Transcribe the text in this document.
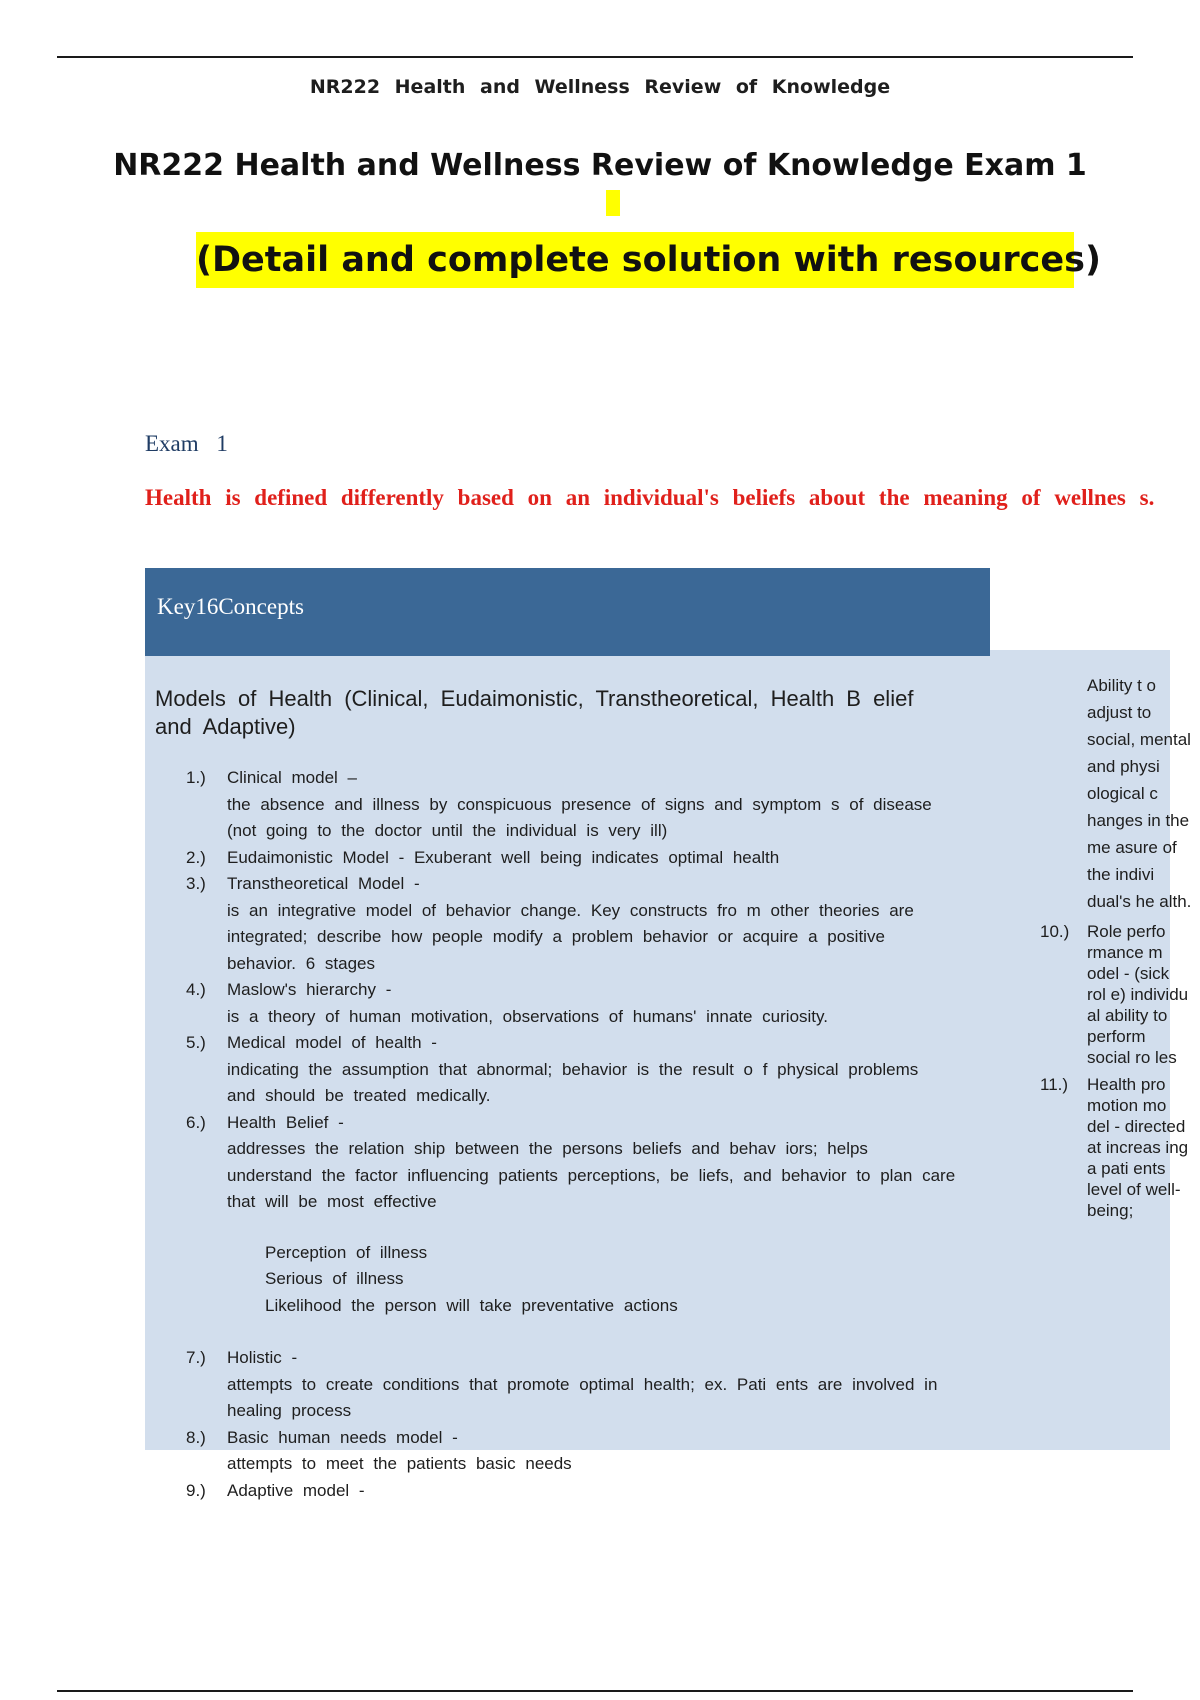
NR222 Health and Wellness Review of Knowledge
NR222 Health and Wellness Review of Knowledge Exam 1
(Detail and complete solution with resources)
Exam 1
Health is defined differently based on an individual's beliefs about the meaning of wellnes s.
Key16Concepts
Models of Health (Clinical, Eudaimonistic, Transtheoretical, Health B elief and Adaptive)
1.) Clinical model –
the absence and illness by conspicuous presence of signs and symptom s of disease (not going to the doctor until the individual is very ill)
2.) Eudaimonistic Model - Exuberant well being indicates optimal health
3.) Transtheoretical Model -
is an integrative model of behavior change. Key constructs fro m other theories are integrated; describe how people modify a problem behavior or acquire a positive behavior. 6 stages
4.) Maslow's hierarchy -
is a theory of human motivation, observations of humans' innate curiosity.
5.) Medical model of health -
indicating the assumption that abnormal; behavior is the result o f physical problems and should be treated medically.
6.) Health Belief -
addresses the relation ship between the persons beliefs and behav iors; helps understand the factor influencing patients perceptions, be liefs, and behavior to plan care that will be most effective
· Perception of illness
· Serious of illness
· Likelihood the person will take preventative actions
7.) Holistic -
attempts to create conditions that promote optimal health; ex. Pati ents are involved in healing process
8.) Basic human needs model -
attempts to meet the patients basic needs
9.) Adaptive model -
Ability t o adjust to social, mental and physi ological c hanges in the me asure of the indivi dual's he alth.
10.) Role perfo rmance m odel - (sick rol e) individu al ability to perform social ro les
11.) Health pro motion mo del - directed at increas ing a pati ents level of well-being;
